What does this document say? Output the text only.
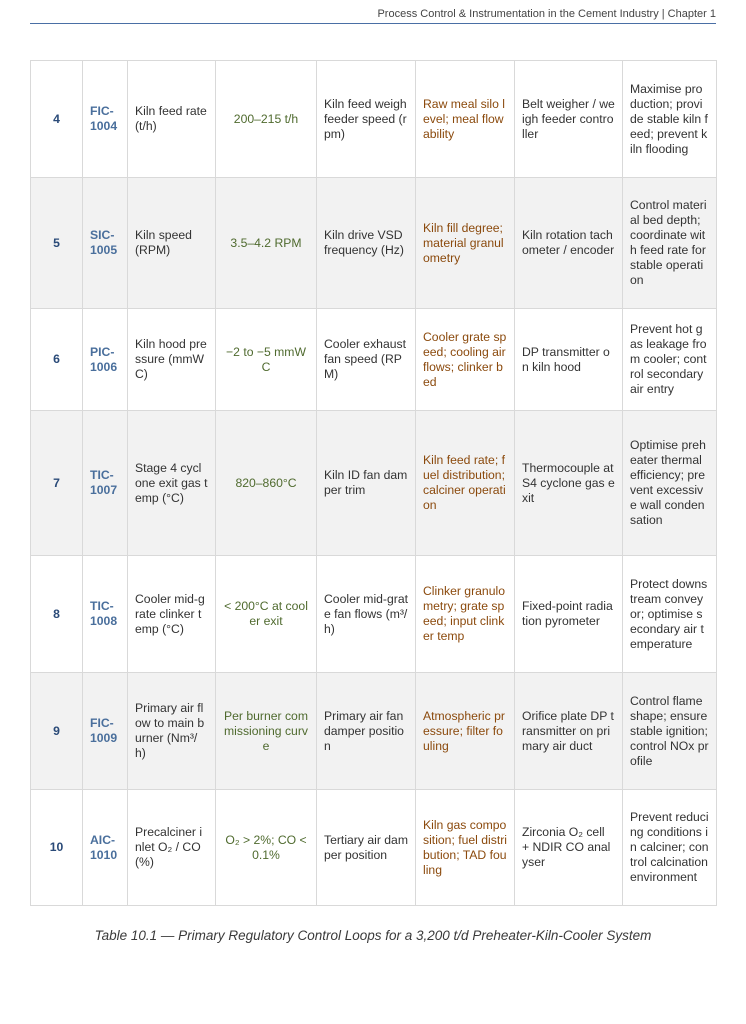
Process Control & Instrumentation in the Cement Industry | Chapter 1
4	FIC-1004	Kiln feed rate (t/h)	200–215 t/h	Kiln feed weigh feeder speed (rpm)	Raw meal silo level; meal flowability	Belt weigher / weigh feeder controller	Maximise production; provide stable kiln feed; prevent kiln flooding
5	SIC-1005	Kiln speed (RPM)	3.5–4.2 RPM	Kiln drive VSD frequency (Hz)	Kiln fill degree; material granulometry	Kiln rotation tachometer / encoder	Control material bed depth; coordinate with feed rate for stable operation
6	PIC-1006	Kiln hood pressure (mmWC)	−2 to −5 mmWC	Cooler exhaust fan speed (RPM)	Cooler grate speed; cooling air flows; clinker bed	DP transmitter on kiln hood	Prevent hot gas leakage from cooler; control secondary air entry
7	TIC-1007	Stage 4 cyclone exit gas temp (°C)	820–860°C	Kiln ID fan damper trim	Kiln feed rate; fuel distribution; calciner operation	Thermocouple at S4 cyclone gas exit	Optimise preheater thermal efficiency; prevent excessive wall condensation
8	TIC-1008	Cooler mid-grate clinker temp (°C)	< 200°C at cooler exit	Cooler mid-grate fan flows (m³/h)	Clinker granulometry; grate speed; input clinker temp	Fixed-point radiation pyrometer	Protect downstream conveyor; optimise secondary air temperature
9	FIC-1009	Primary air flow to main burner (Nm³/h)	Per burner commissioning curve	Primary air fan damper position	Atmospheric pressure; filter fouling	Orifice plate DP transmitter on primary air duct	Control flame shape; ensure stable ignition; control NOx profile
10	AIC-1010	Precalciner inlet O₂ / CO (%)	O₂ > 2%; CO < 0.1%	Tertiary air damper position	Kiln gas composition; fuel distribution; TAD fouling	Zirconia O₂ cell + NDIR CO analyser	Prevent reducing conditions in calciner; control calcination environment
Table 10.1 — Primary Regulatory Control Loops for a 3,200 t/d Preheater-Kiln-Cooler System
